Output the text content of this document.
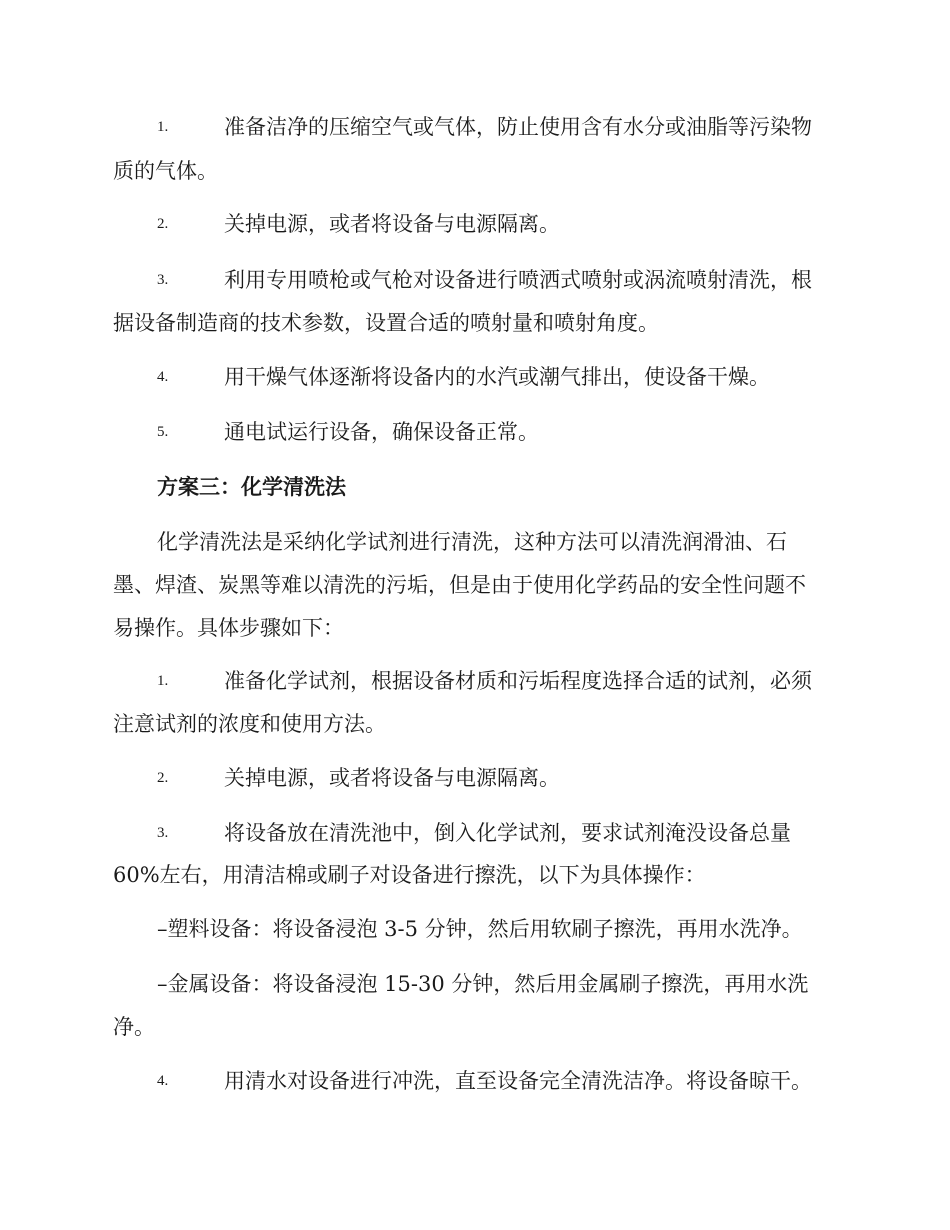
1.	准备洁净的压缩空气或气体，防止使用含有水分或油脂等污染物
质的气体。
2.	关掉电源，或者将设备与电源隔离。
3.	利用专用喷枪或气枪对设备进行喷洒式喷射或涡流喷射清洗，根
据设备制造商的技术参数，设置合适的喷射量和喷射角度。
4.	用干燥气体逐渐将设备内的水汽或潮气排出，使设备干燥。
5.	通电试运行设备，确保设备正常。
方案三：化学清洗法
化学清洗法是采纳化学试剂进行清洗，这种方法可以清洗润滑油、石
墨、焊渣、炭黑等难以清洗的污垢，但是由于使用化学药品的安全性问题不
易操作。具体步骤如下：
1.	准备化学试剂，根据设备材质和污垢程度选择合适的试剂，必须
注意试剂的浓度和使用方法。
2.	关掉电源，或者将设备与电源隔离。
3.	将设备放在清洗池中，倒入化学试剂，要求试剂淹没设备总量
60%左右，用清洁棉或刷子对设备进行擦洗，以下为具体操作：
–塑料设备：将设备浸泡 3-5 分钟，然后用软刷子擦洗，再用水洗净。
–金属设备：将设备浸泡 15-30 分钟，然后用金属刷子擦洗，再用水洗
净。
4.	用清水对设备进行冲洗，直至设备完全清洗洁净。将设备晾干。
